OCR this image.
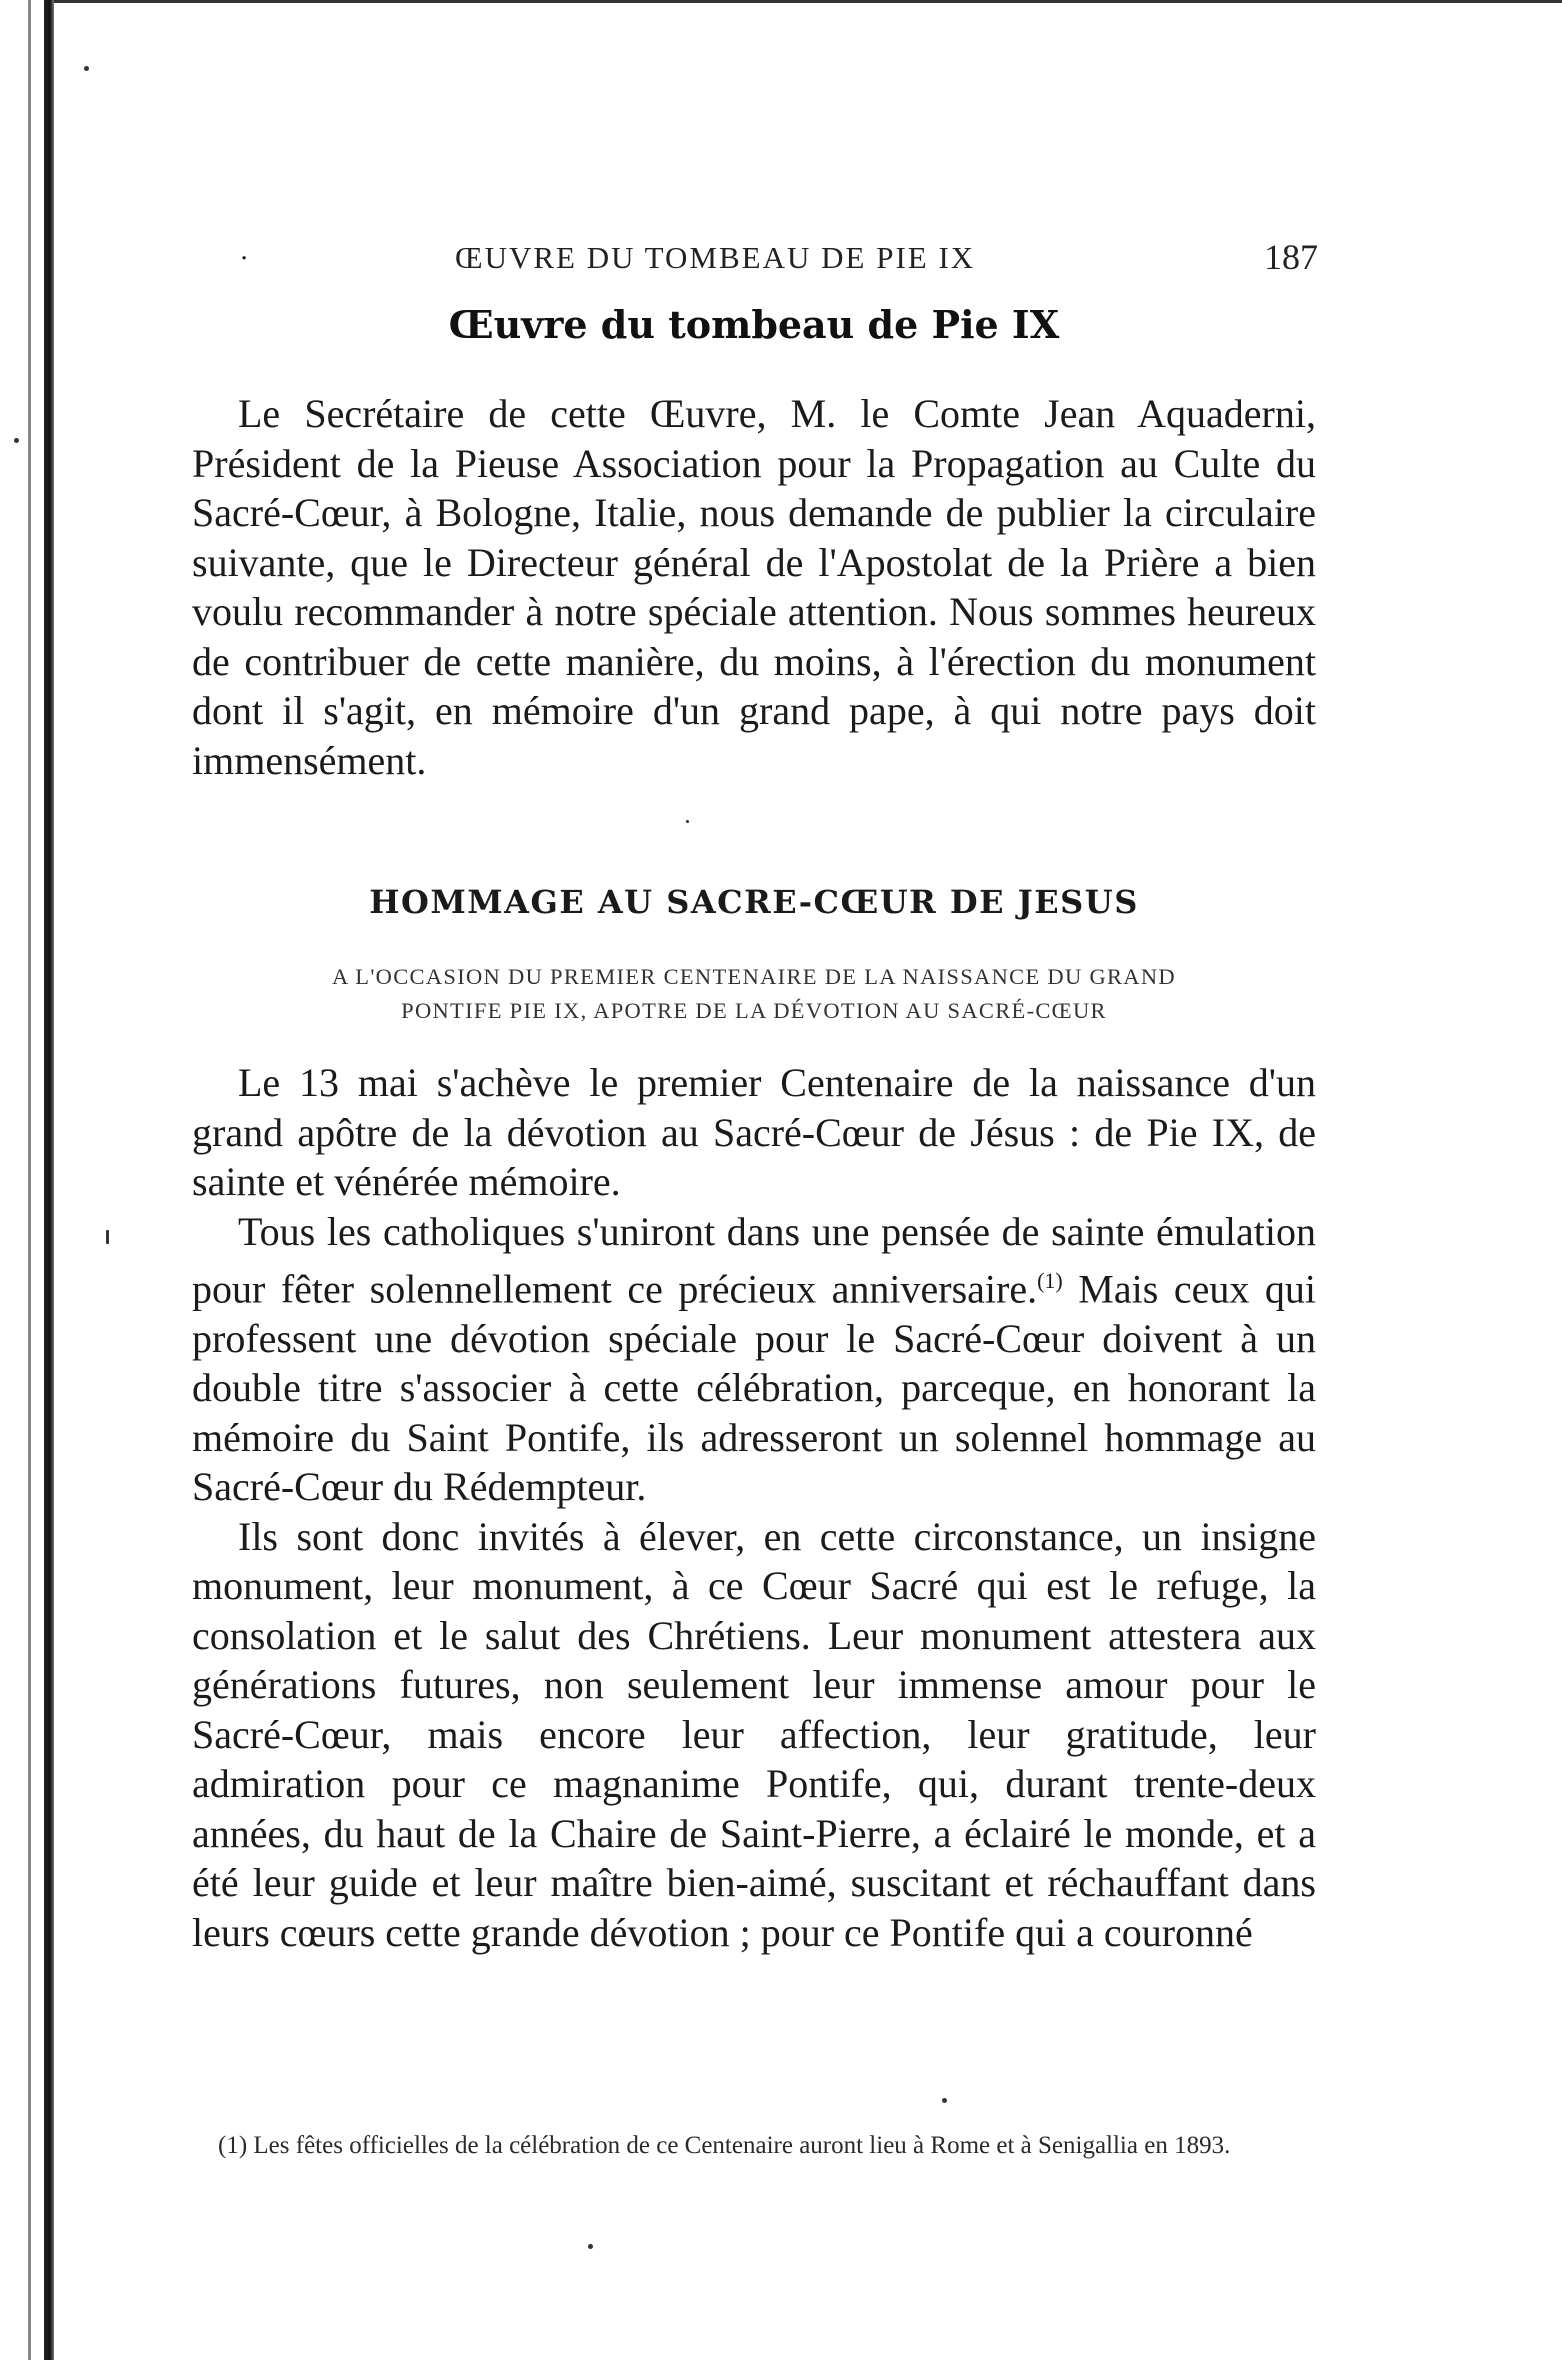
ŒUVRE DU TOMBEAU DE PIE IX
·	187
Œuvre du tombeau de Pie IX

Le Secrétaire de cette Œuvre, M. le Comte Jean Aquaderni, Président de la Pieuse Association pour la Propagation au Culte du Sacré-Cœur, à Bologne, Italie, nous demande de publier la circulaire suivante, que le Directeur général de l'Apostolat de la Prière a bien voulu recommander à notre spéciale attention. Nous sommes heureux de contribuer de cette manière, du moins, à l'érection du monument dont il s'agit, en mémoire d'un grand pape, à qui notre pays doit immensément.

HOMMAGE AU SACRE-CŒUR DE JESUS
A L'OCCASION DU PREMIER CENTENAIRE DE LA NAISSANCE DU GRAND
PONTIFE PIE IX, APOTRE DE LA DÉVOTION AU SACRÉ-CŒUR

Le 13 mai s'achève le premier Centenaire de la naissance d'un grand apôtre de la dévotion au Sacré-Cœur de Jésus : de Pie IX, de sainte et vénérée mémoire.

Tous les catholiques s'uniront dans une pensée de sainte émulation pour fêter solennellement ce précieux anniversaire.$^{(1)}$ Mais ceux qui professent une dévotion spéciale pour le Sacré-Cœur doivent à un double titre s'associer à cette célébration, parceque, en honorant la mémoire du Saint Pontife, ils adresseront un solennel hommage au Sacré-Cœur du Rédempteur.

Ils sont donc invités à élever, en cette circonstance, un insigne monument, leur monument, à ce Cœur Sacré qui est le refuge, la consolation et le salut des Chrétiens. Leur monument attestera aux générations futures, non seulement leur immense amour pour le Sacré-Cœur, mais encore leur affection, leur gratitude, leur admiration pour ce magnanime Pontife, qui, durant trente-deux années, du haut de la Chaire de Saint-Pierre, a éclairé le monde, et a été leur guide et leur maître bien-aimé, suscitant et réchauffant dans leurs cœurs cette grande dévotion ; pour ce Pontife qui a couronné

(1) Les fêtes officielles de la célébration de ce Centenaire auront lieu à Rome et à Senigallia en 1893.
